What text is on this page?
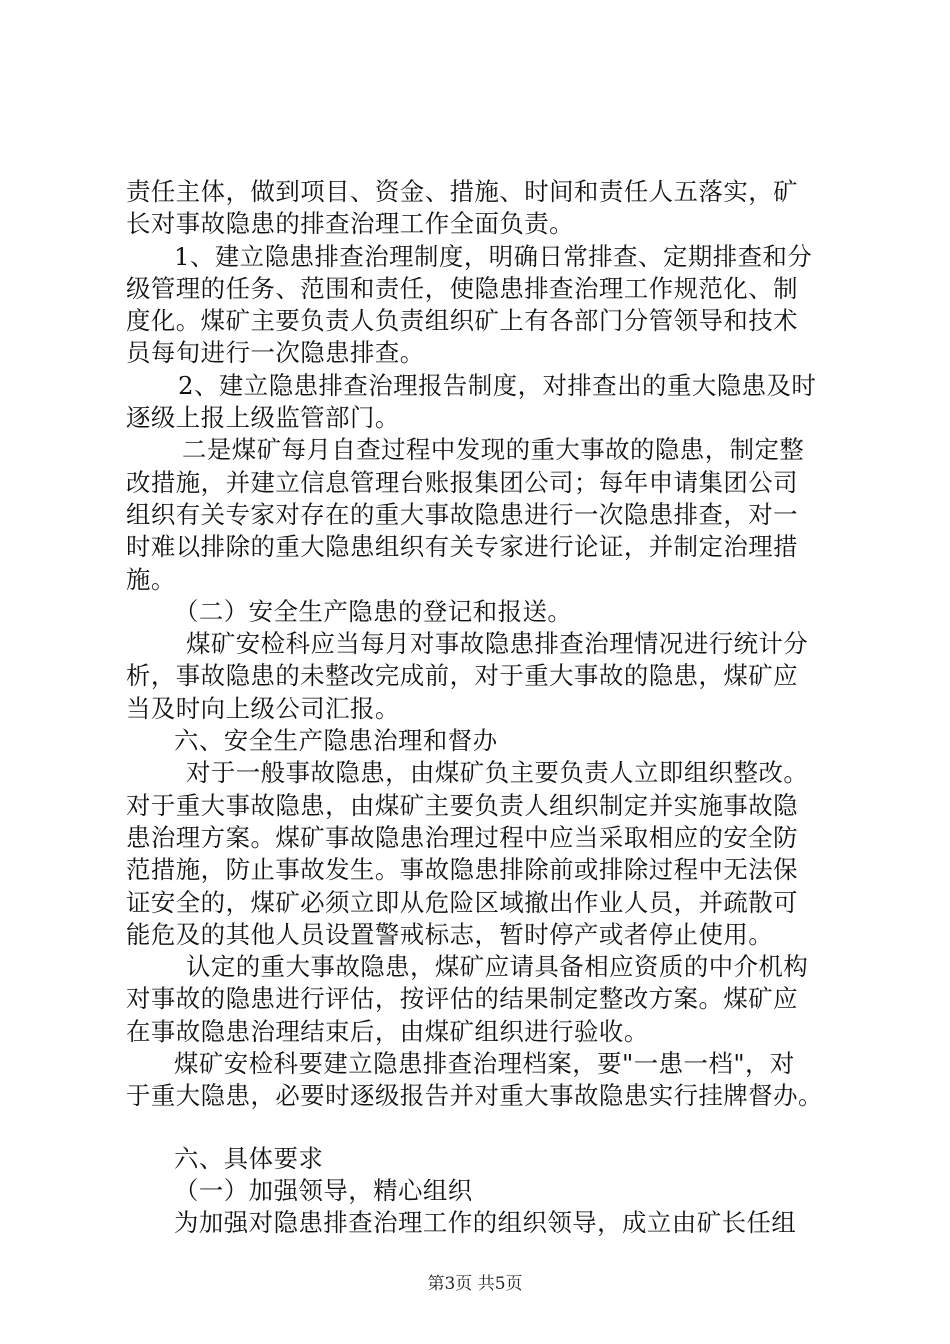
责任主体，做到项目、资金、措施、时间和责任人五落实，矿
长对事故隐患的排查治理工作全面负责。
1、建立隐患排查治理制度，明确日常排查、定期排查和分
级管理的任务、范围和责任，使隐患排查治理工作规范化、制
度化。煤矿主要负责人负责组织矿上有各部门分管领导和技术
员每旬进行一次隐患排查。
2、建立隐患排查治理报告制度，对排查出的重大隐患及时
逐级上报上级监管部门。
二是煤矿每月自查过程中发现的重大事故的隐患，制定整
改措施，并建立信息管理台账报集团公司；每年申请集团公司
组织有关专家对存在的重大事故隐患进行一次隐患排查，对一
时难以排除的重大隐患组织有关专家进行论证，并制定治理措
施。
（二）安全生产隐患的登记和报送。
煤矿安检科应当每月对事故隐患排查治理情况进行统计分
析，事故隐患的未整改完成前，对于重大事故的隐患，煤矿应
当及时向上级公司汇报。
六、安全生产隐患治理和督办
对于一般事故隐患，由煤矿负主要负责人立即组织整改。
对于重大事故隐患，由煤矿主要负责人组织制定并实施事故隐
患治理方案。煤矿事故隐患治理过程中应当采取相应的安全防
范措施，防止事故发生。事故隐患排除前或排除过程中无法保
证安全的，煤矿必须立即从危险区域撤出作业人员，并疏散可
能危及的其他人员设置警戒标志，暂时停产或者停止使用。
认定的重大事故隐患，煤矿应请具备相应资质的中介机构
对事故的隐患进行评估，按评估的结果制定整改方案。煤矿应
在事故隐患治理结束后，由煤矿组织进行验收。
煤矿安检科要建立隐患排查治理档案，要"一患一档"，对
于重大隐患，必要时逐级报告并对重大事故隐患实行挂牌督办。
六、具体要求
（一）加强领导，精心组织
为加强对隐患排查治理工作的组织领导，成立由矿长任组
第3页 共5页
